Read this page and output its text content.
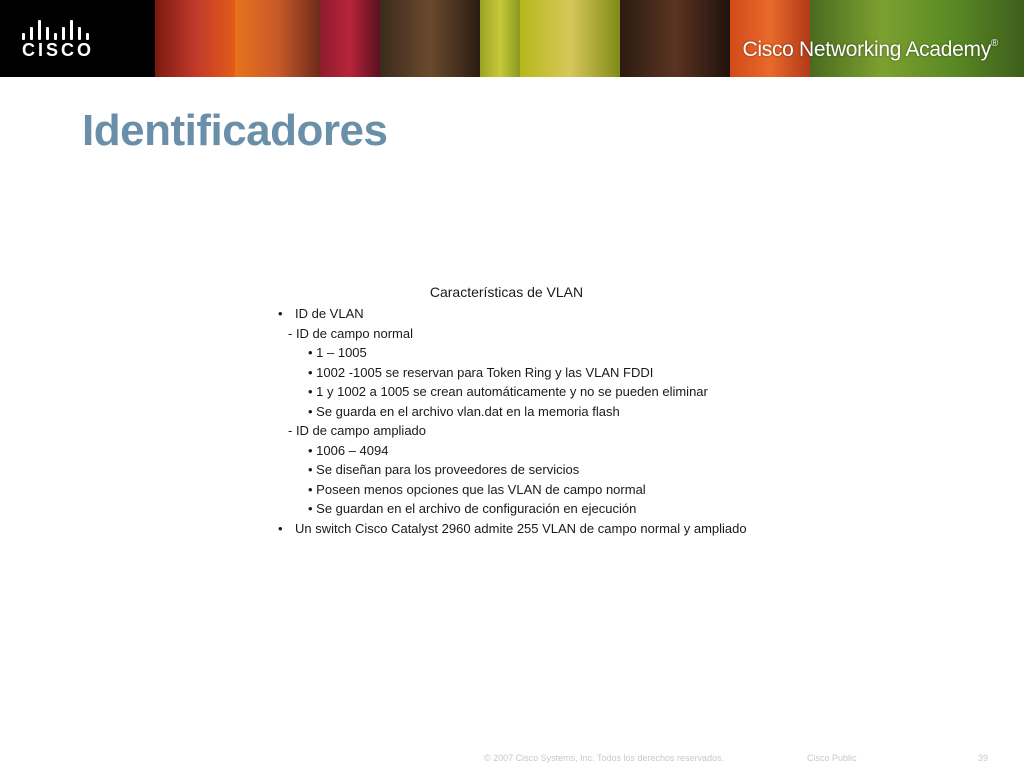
CISCO	Cisco Networking Academy®
Identificadores
Características de VLAN
• ID de VLAN
- ID de campo normal
• 1 – 1005
• 1002 -1005 se reservan para Token Ring y las VLAN FDDI
• 1 y 1002 a 1005 se crean automáticamente y no se pueden eliminar
• Se guarda en el archivo vlan.dat en la memoria flash
- ID de campo ampliado
• 1006 – 4094
• Se diseñan para los proveedores de servicios
• Poseen menos opciones que las VLAN de campo normal
• Se guardan en el archivo de configuración en ejecución
• Un switch Cisco Catalyst 2960 admite 255 VLAN de campo normal y ampliado
© 2007 Cisco Systems, Inc. Todos los derechos reservados.	Cisco Public	39
